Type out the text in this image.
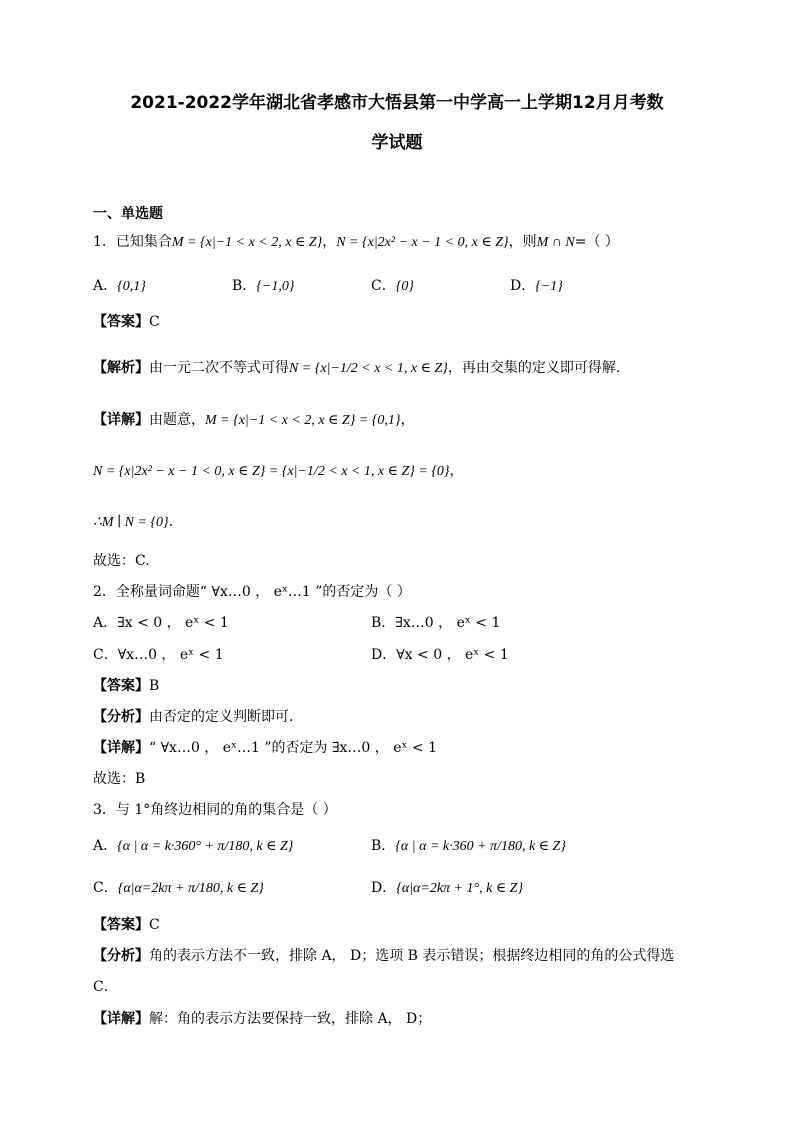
2021-2022学年湖北省孝感市大悟县第一中学高一上学期12月月考数
学试题
一、单选题
1．已知集合M = {x|−1 < x < 2, x ∈ Z}，N = {x|2x² − x − 1 < 0, x ∈ Z}，则M ∩ N=（ ）
A．{0,1}	B．{−1,0}	C．{0}	D．{−1}
【答案】C
【解析】由一元二次不等式可得N = {x|−1/2 < x < 1, x ∈ Z}，再由交集的定义即可得解.
【详解】由题意，M = {x|−1 < x < 2, x ∈ Z} = {0,1}，
N = {x|2x² − x − 1 < 0, x ∈ Z} = {x|−1/2 < x < 1, x ∈ Z} = {0}，
∴M ∣ N = {0}.
故选：C.
2．全称量词命题“ ∀x…0 ， eˣ…1 ”的否定为（ ）
A．∃x < 0 ， eˣ < 1	B．∃x…0 ， eˣ < 1
C．∀x…0 ， eˣ < 1	D．∀x < 0 ， eˣ < 1
【答案】B
【分析】由否定的定义判断即可.
【详解】“ ∀x…0 ， eˣ…1 ”的否定为 ∃x…0 ， eˣ < 1
故选：B
3．与 1°角终边相同的角的集合是（ ）
A．{α | α = k·360° + π/180, k ∈ Z}	B．{α | α = k·360 + π/180, k ∈ Z}
C．{α|α=2kπ + π/180, k ∈ Z}	D．{α|α=2kπ + 1°, k ∈ Z}
【答案】C
【分析】角的表示方法不一致，排除 A， D；选项 B 表示错误；根据终边相同的角的公式得选
C．
【详解】解：角的表示方法要保持一致，排除 A， D；
